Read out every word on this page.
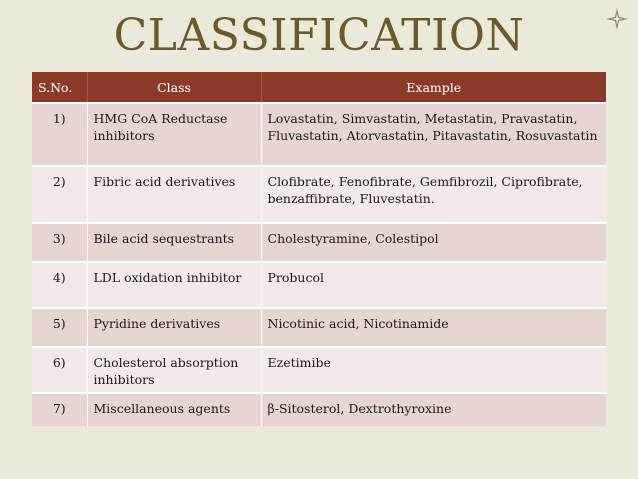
CLASSIFICATION
S.No.	Class	Example
1)	HMG CoA Reductase inhibitors	Lovastatin, Simvastatin, Metastatin, Pravastatin, Fluvastatin, Atorvastatin, Pitavastatin, Rosuvastatin
2)	Fibric acid derivatives	Clofibrate, Fenofibrate, Gemfibrozil, Ciprofibrate, benzaffibrate, Fluvestatin.
3)	Bile acid sequestrants	Cholestyramine, Colestipol
4)	LDL oxidation inhibitor	Probucol
5)	Pyridine derivatives	Nicotinic acid, Nicotinamide
6)	Cholesterol absorption inhibitors	Ezetimibe
7)	Miscellaneous agents	β-Sitosterol, Dextrothyroxine
